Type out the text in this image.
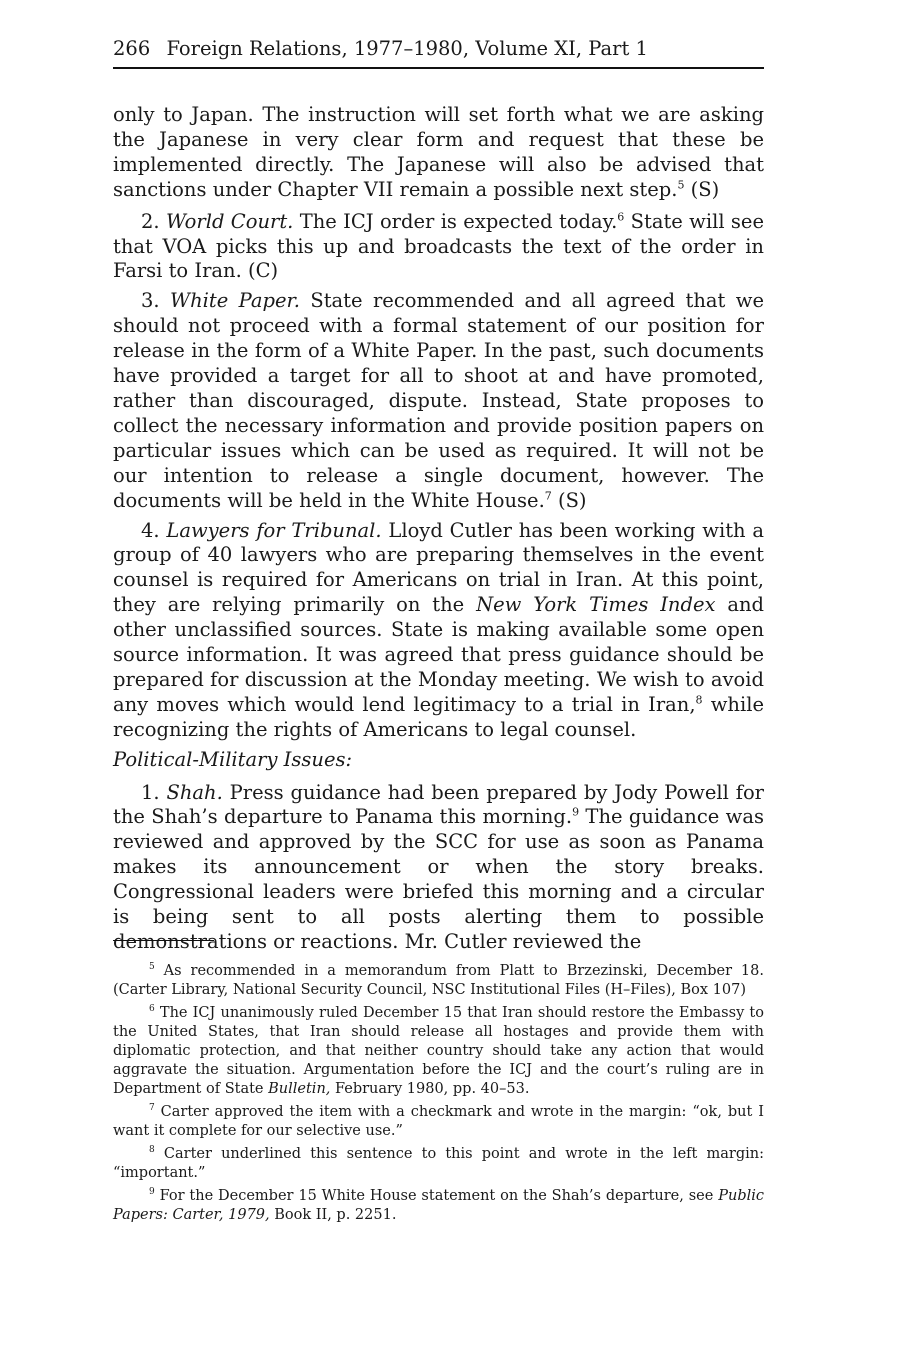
266 Foreign Relations, 1977–1980, Volume XI, Part 1

only to Japan. The instruction will set forth what we are asking the Japanese in very clear form and request that these be implemented directly. The Japanese will also be advised that sanctions under Chapter VII remain a possible next step.$^5$ (S)

2. World Court. The ICJ order is expected today.$^6$ State will see that VOA picks this up and broadcasts the text of the order in Farsi to Iran. (C)

3. White Paper. State recommended and all agreed that we should not proceed with a formal statement of our position for release in the form of a White Paper. In the past, such documents have provided a target for all to shoot at and have promoted, rather than discouraged, dispute. Instead, State proposes to collect the necessary information and provide position papers on particular issues which can be used as required. It will not be our intention to release a single document, however. The documents will be held in the White House.$^7$ (S)

4. Lawyers for Tribunal. Lloyd Cutler has been working with a group of 40 lawyers who are preparing themselves in the event counsel is required for Americans on trial in Iran. At this point, they are relying primarily on the New York Times Index and other unclassified sources. State is making available some open source information. It was agreed that press guidance should be prepared for discussion at the Monday meeting. We wish to avoid any moves which would lend legitimacy to a trial in Iran,$^8$ while recognizing the rights of Americans to legal counsel.

Political-Military Issues:

1. Shah. Press guidance had been prepared by Jody Powell for the Shah’s departure to Panama this morning.$^9$ The guidance was reviewed and approved by the SCC for use as soon as Panama makes its announcement or when the story breaks. Congressional leaders were briefed this morning and a circular is being sent to all posts alerting them to possible demonstrations or reactions. Mr. Cutler reviewed the

$^5$ As recommended in a memorandum from Platt to Brzezinski, December 18. (Carter Library, National Security Council, NSC Institutional Files (H–Files), Box 107)

$^6$ The ICJ unanimously ruled December 15 that Iran should restore the Embassy to the United States, that Iran should release all hostages and provide them with diplomatic protection, and that neither country should take any action that would aggravate the situation. Argumentation before the ICJ and the court’s ruling are in Department of State Bulletin, February 1980, pp. 40–53.

$^7$ Carter approved the item with a checkmark and wrote in the margin: “ok, but I want it complete for our selective use.”

$^8$ Carter underlined this sentence to this point and wrote in the left margin: “important.”

$^9$ For the December 15 White House statement on the Shah’s departure, see Public Papers: Carter, 1979, Book II, p. 2251.
